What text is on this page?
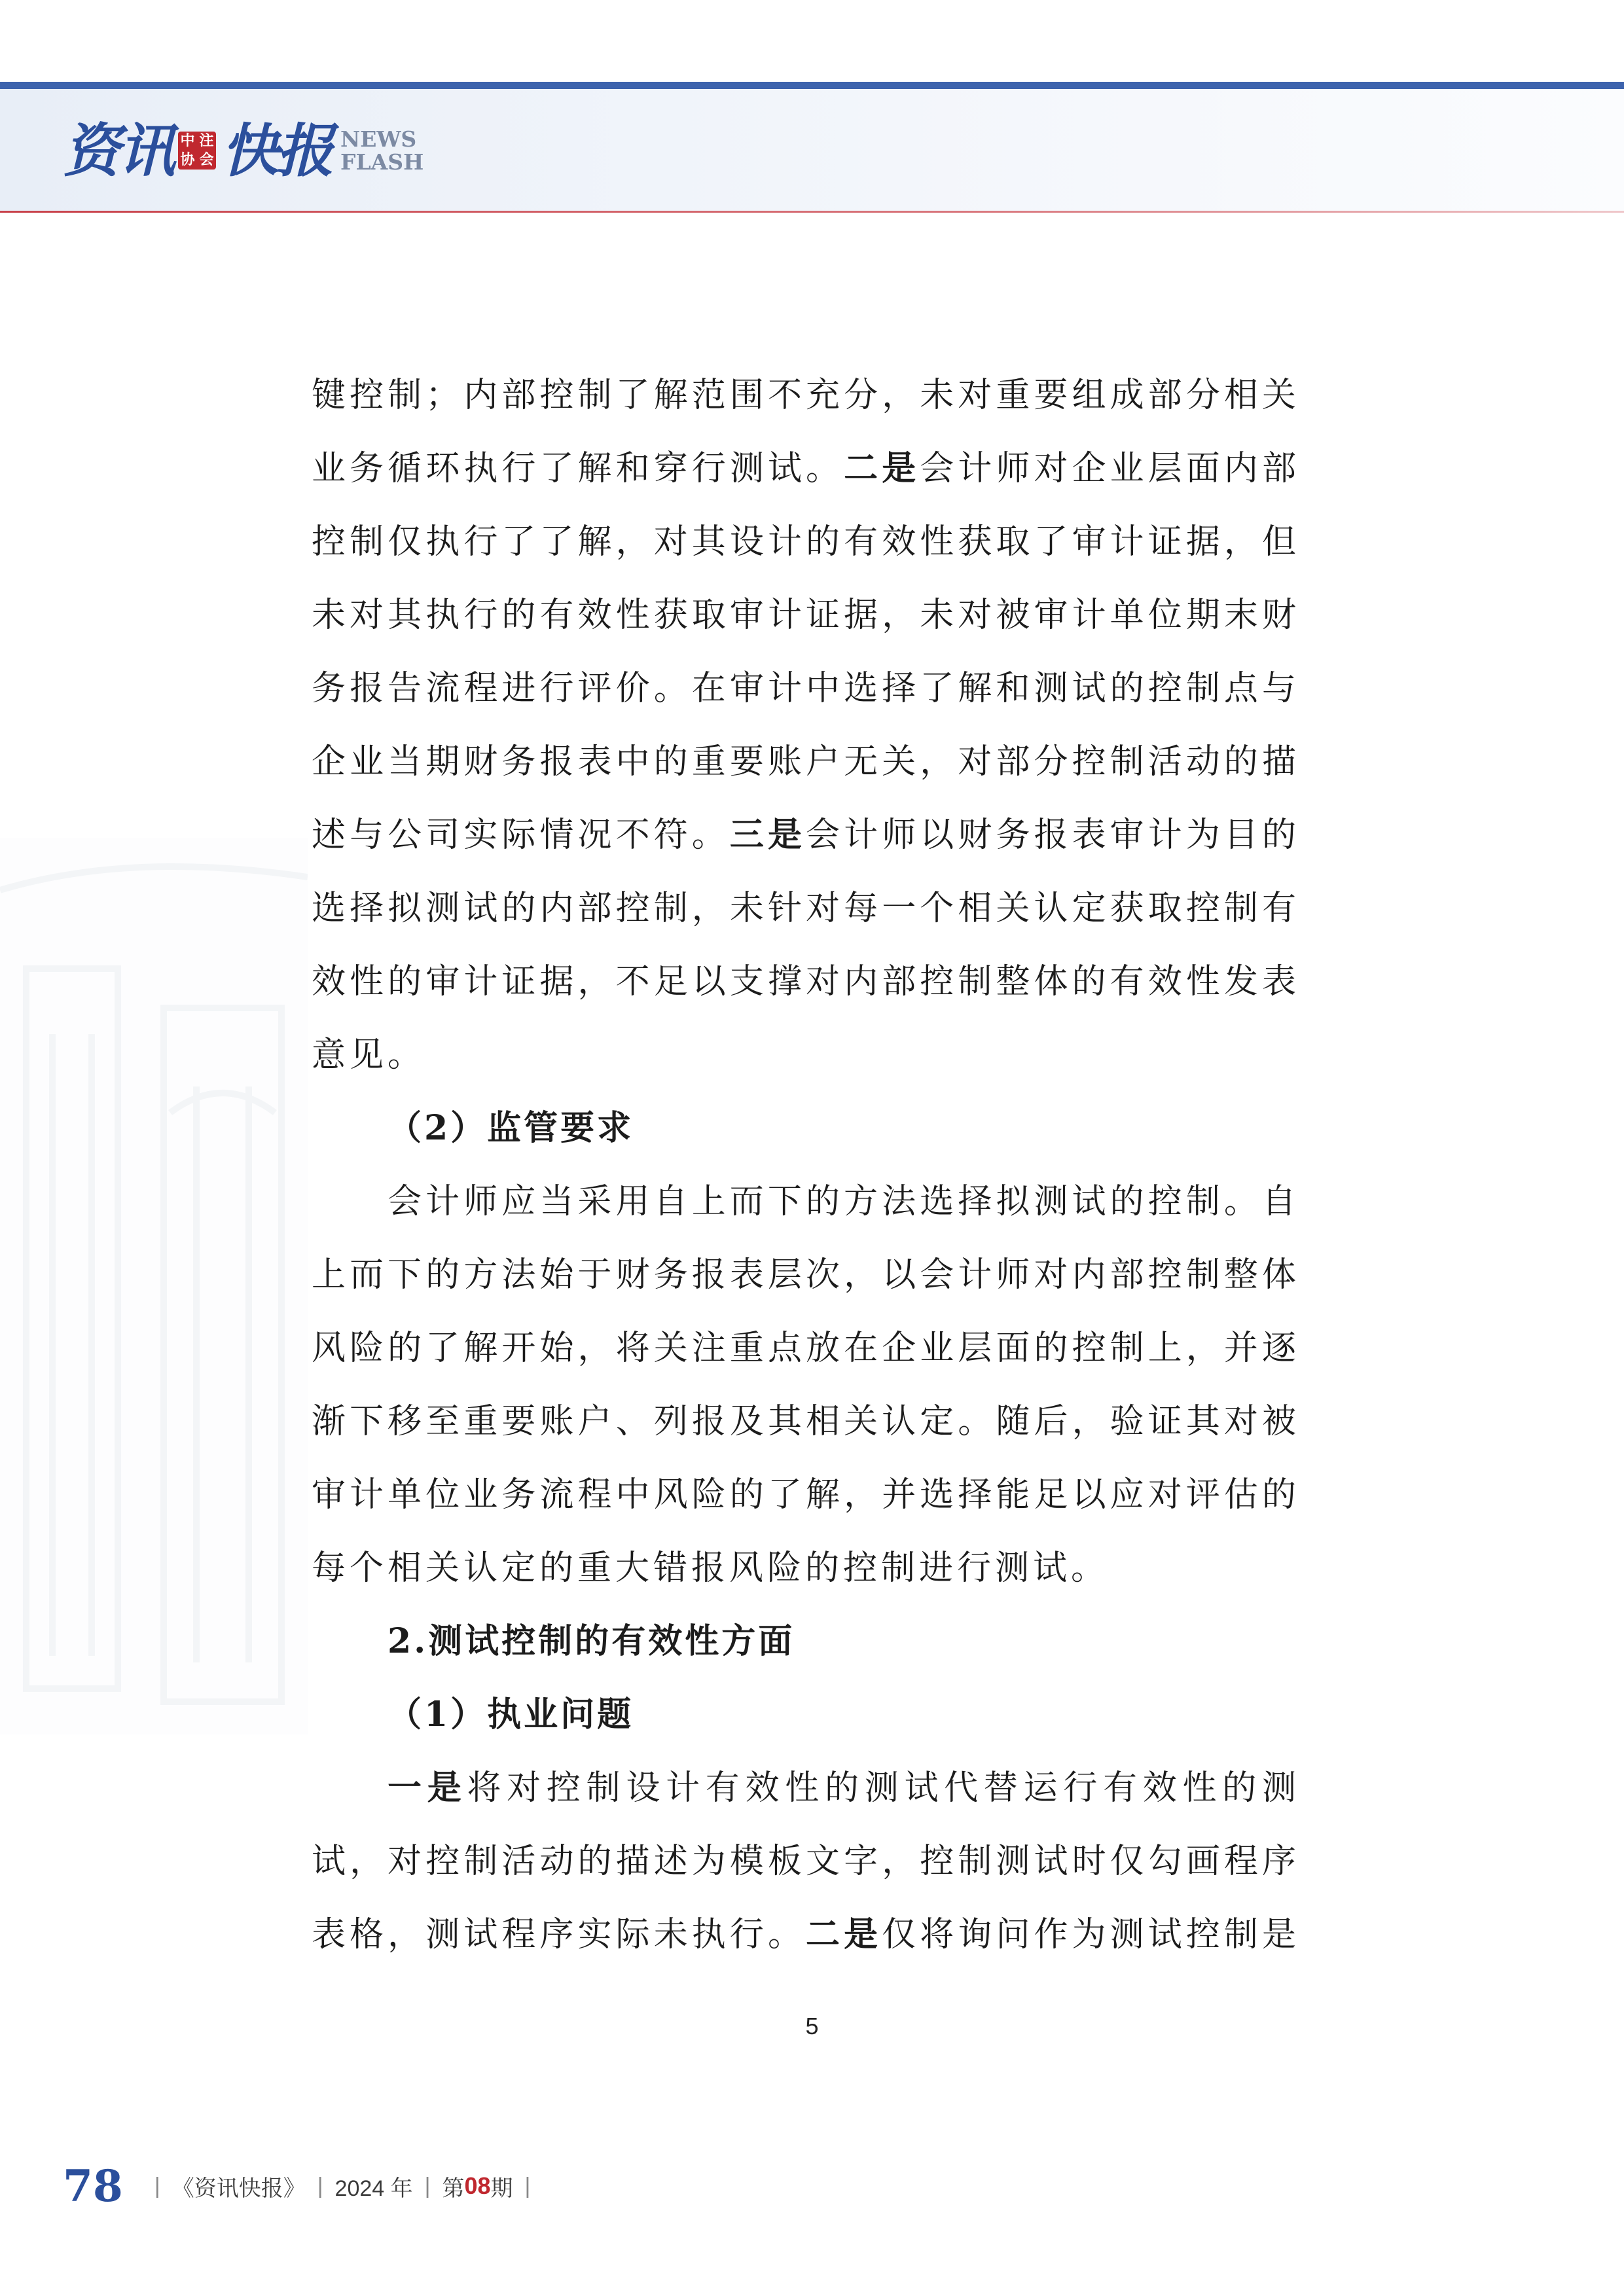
资讯 中 注
协 会 快报 NEWS
FLASH

键控制；内部控制了解范围不充分，未对重要组成部分相关

业务循环执行了解和穿行测试。二是会计师对企业层面内部

控制仅执行了了解，对其设计的有效性获取了审计证据，但

未对其执行的有效性获取审计证据，未对被审计单位期末财

务报告流程进行评价。在审计中选择了解和测试的控制点与

企业当期财务报表中的重要账户无关，对部分控制活动的描

述与公司实际情况不符。三是会计师以财务报表审计为目的

选择拟测试的内部控制，未针对每一个相关认定获取控制有

效性的审计证据，不足以支撑对内部控制整体的有效性发表

意见。

（2）监管要求

会计师应当采用自上而下的方法选择拟测试的控制。自

上而下的方法始于财务报表层次，以会计师对内部控制整体

风险的了解开始，将关注重点放在企业层面的控制上，并逐

渐下移至重要账户、列报及其相关认定。随后，验证其对被

审计单位业务流程中风险的了解，并选择能足以应对评估的

每个相关认定的重大错报风险的控制进行测试。

2.测试控制的有效性方面

（1）执业问题

一是将对控制设计有效性的测试代替运行有效性的测

试，对控制活动的描述为模板文字，控制测试时仅勾画程序

表格，测试程序实际未执行。二是仅将询问作为测试控制是

5
78 | 《资讯快报》 | 2024 年 | 第 08 期 |
